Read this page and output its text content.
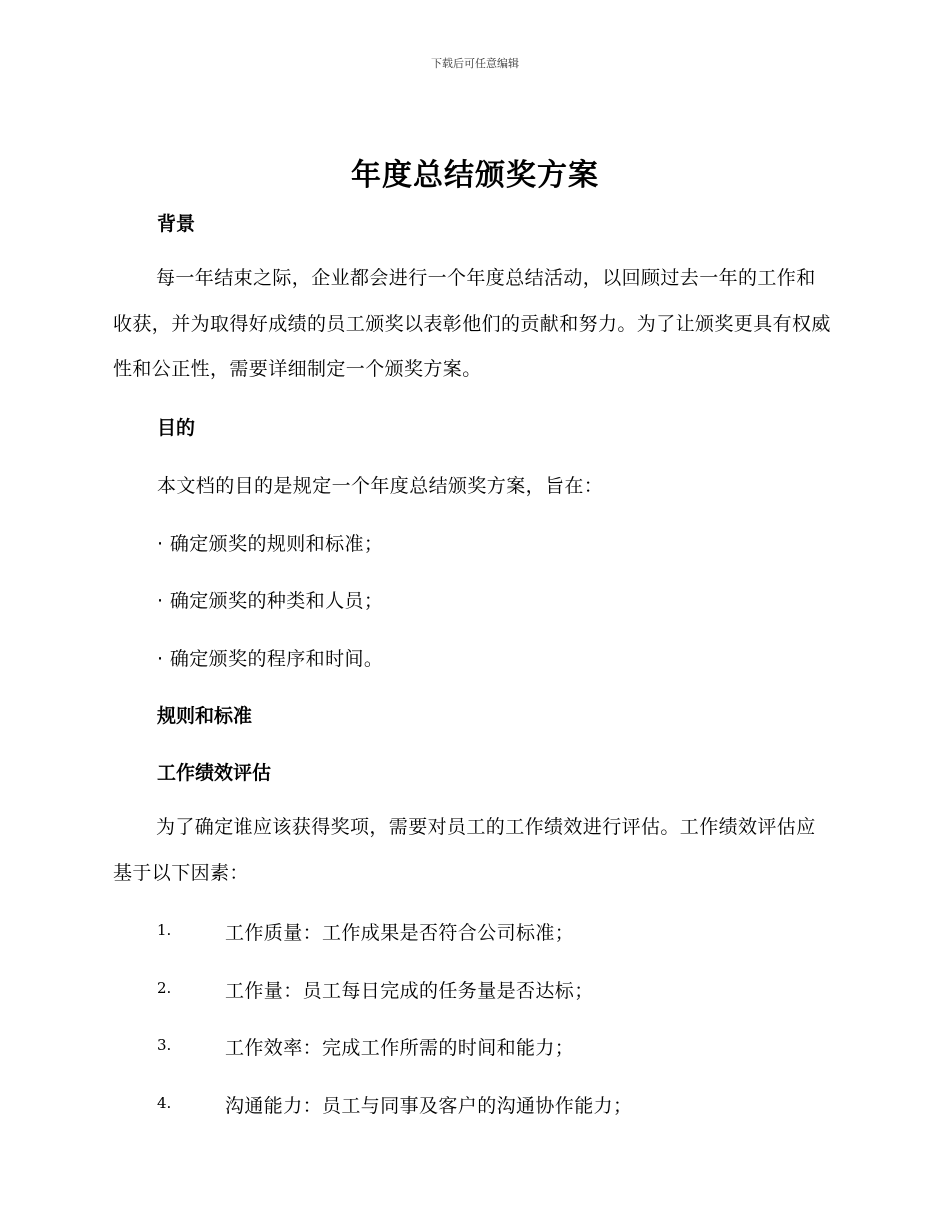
下载后可任意编辑
年度总结颁奖方案
背景
每一年结束之际，企业都会进行一个年度总结活动，以回顾过去一年的工作和收获，并为取得好成绩的员工颁奖以表彰他们的贡献和努力。为了让颁奖更具有权威性和公正性，需要详细制定一个颁奖方案。
目的
本文档的目的是规定一个年度总结颁奖方案，旨在：
· 确定颁奖的规则和标准；
· 确定颁奖的种类和人员；
· 确定颁奖的程序和时间。
规则和标准
工作绩效评估
为了确定谁应该获得奖项，需要对员工的工作绩效进行评估。工作绩效评估应基于以下因素：
1.	工作质量：工作成果是否符合公司标准；
2.	工作量：员工每日完成的任务量是否达标；
3.	工作效率：完成工作所需的时间和能力；
4.	沟通能力：员工与同事及客户的沟通协作能力；
